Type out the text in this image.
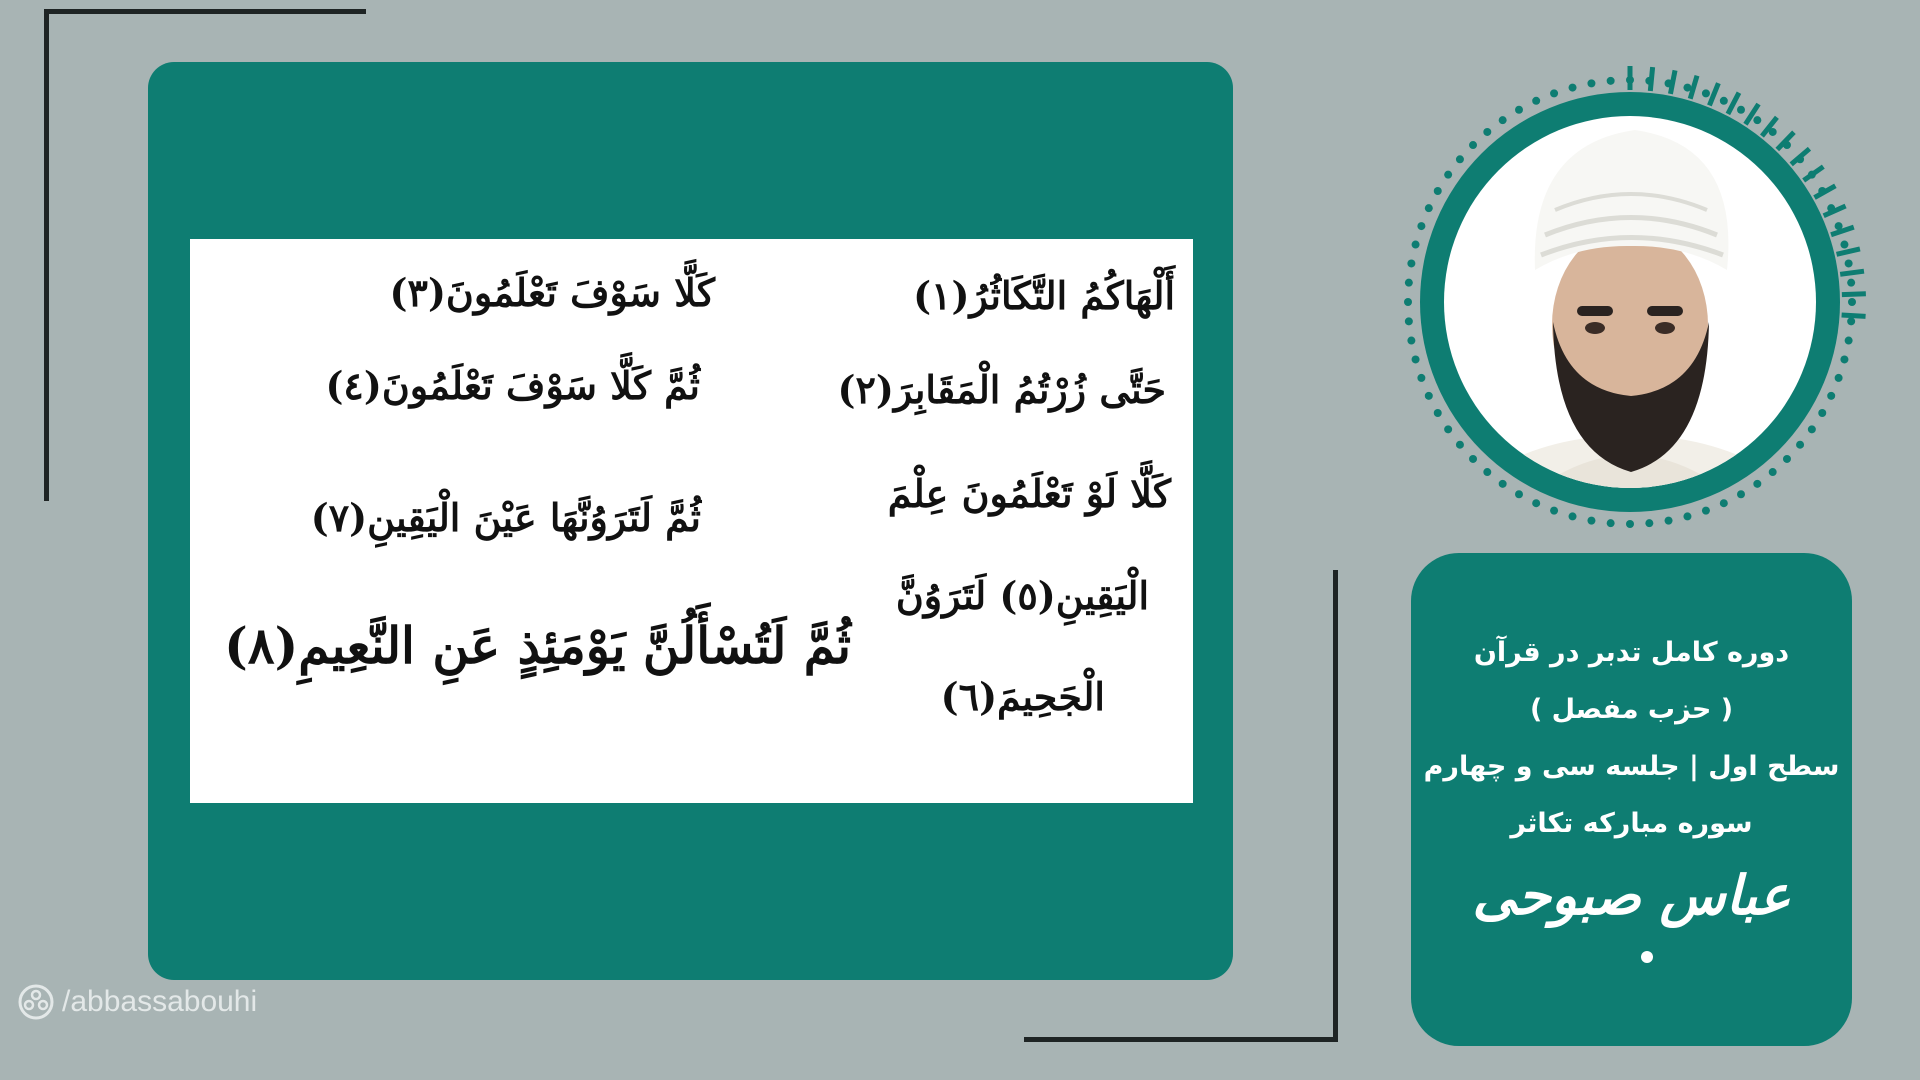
أَلْهَاكُمُ التَّكَاثُرُ(١)
حَتَّى زُرْتُمُ الْمَقَابِرَ(٢)
كَلَّا سَوْفَ تَعْلَمُونَ(٣)
ثُمَّ كَلَّا سَوْفَ تَعْلَمُونَ(٤)
كَلَّا لَوْ تَعْلَمُونَ عِلْمَ
الْيَقِينِ(٥) لَتَرَوُنَّ
الْجَحِيمَ(٦)
ثُمَّ لَتَرَوُنَّهَا عَيْنَ الْيَقِينِ(٧)
ثُمَّ لَتُسْأَلُنَّ يَوْمَئِذٍ عَنِ النَّعِيمِ(٨)	دوره کامل تدبر در قرآن
( حزب مفصل )
سطح اول | جلسه سی و چهارم
سوره مبارکه تکاثر
عباس صبوحی
/abbassabouhi
